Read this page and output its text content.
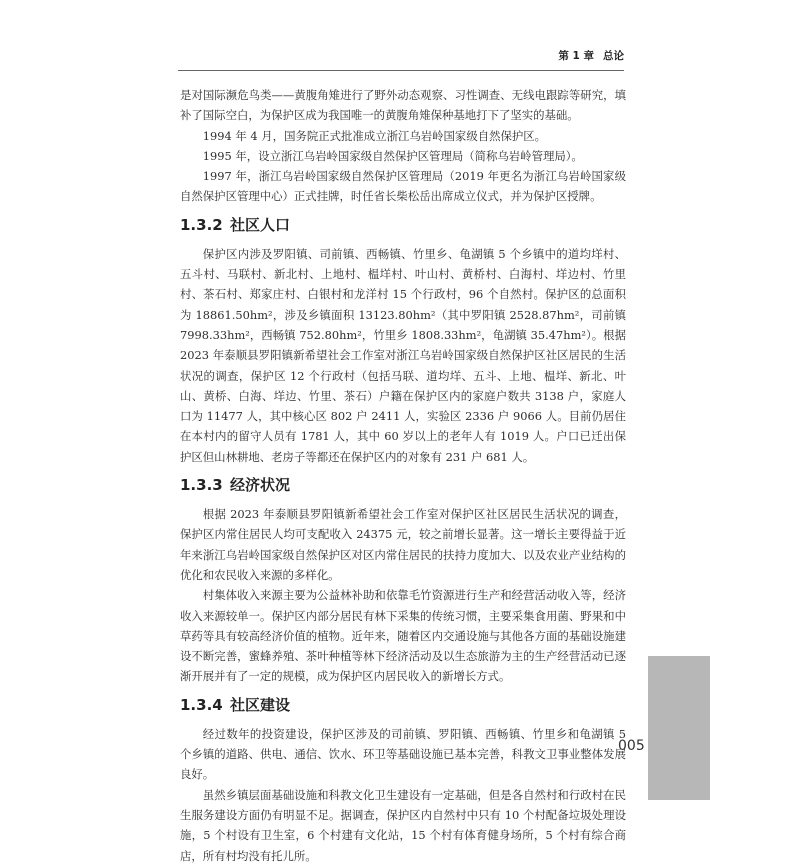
第 1 章 总论

是对国际濒危鸟类——黄腹角雉进行了野外动态观察、习性调查、无线电跟踪等研究，填补了国际空白，为保护区成为我国唯一的黄腹角雉保种基地打下了坚实的基础。

1994 年 4 月，国务院正式批准成立浙江乌岩岭国家级自然保护区。

1995 年，设立浙江乌岩岭国家级自然保护区管理局（简称乌岩岭管理局）。

1997 年，浙江乌岩岭国家级自然保护区管理局（2019 年更名为浙江乌岩岭国家级自然保护区管理中心）正式挂牌，时任省长柴松岳出席成立仪式，并为保护区授牌。

1.3.2 社区人口

保护区内涉及罗阳镇、司前镇、西畅镇、竹里乡、龟湖镇 5 个乡镇中的道均垟村、五斗村、马联村、新北村、上地村、榅垟村、叶山村、黄桥村、白海村、垟边村、竹里村、茶石村、郑家庄村、白银村和龙洋村 15 个行政村，96 个自然村。保护区的总面积为 18861.50hm²，涉及乡镇面积 13123.80hm²（其中罗阳镇 2528.87hm²，司前镇 7998.33hm²，西畅镇 752.80hm²，竹里乡 1808.33hm²，龟湖镇 35.47hm²）。根据 2023 年泰顺县罗阳镇新希望社会工作室对浙江乌岩岭国家级自然保护区社区居民的生活状况的调查，保护区 12 个行政村（包括马联、道均垟、五斗、上地、榅垟、新北、叶山、黄桥、白海、垟边、竹里、茶石）户籍在保护区内的家庭户数共 3138 户，家庭人口为 11477 人，其中核心区 802 户 2411 人，实验区 2336 户 9066 人。目前仍居住在本村内的留守人员有 1781 人，其中 60 岁以上的老年人有 1019 人。户口已迁出保护区但山林耕地、老房子等都还在保护区内的对象有 231 户 681 人。

1.3.3 经济状况

根据 2023 年泰顺县罗阳镇新希望社会工作室对保护区社区居民生活状况的调查，保护区内常住居民人均可支配收入 24375 元，较之前增长显著。这一增长主要得益于近年来浙江乌岩岭国家级自然保护区对区内常住居民的扶持力度加大、以及农业产业结构的优化和农民收入来源的多样化。

村集体收入来源主要为公益林补助和依靠毛竹资源进行生产和经营活动收入等，经济收入来源较单一。保护区内部分居民有林下采集的传统习惯，主要采集食用菌、野果和中草药等具有较高经济价值的植物。近年来，随着区内交通设施与其他各方面的基础设施建设不断完善，蜜蜂养殖、茶叶种植等林下经济活动及以生态旅游为主的生产经营活动已逐渐开展并有了一定的规模，成为保护区内居民收入的新增长方式。

1.3.4 社区建设

经过数年的投资建设，保护区涉及的司前镇、罗阳镇、西畅镇、竹里乡和龟湖镇 5 个乡镇的道路、供电、通信、饮水、环卫等基础设施已基本完善，科教文卫事业整体发展良好。

虽然乡镇层面基础设施和科教文化卫生建设有一定基础，但是各自然村和行政村在民生服务建设方面仍有明显不足。据调查，保护区内自然村中只有 10 个村配备垃圾处理设施，5 个村设有卫生室，6 个村建有文化站，15 个村有体育健身场所，5 个村有综合商店，所有村均没有托儿所。

005
